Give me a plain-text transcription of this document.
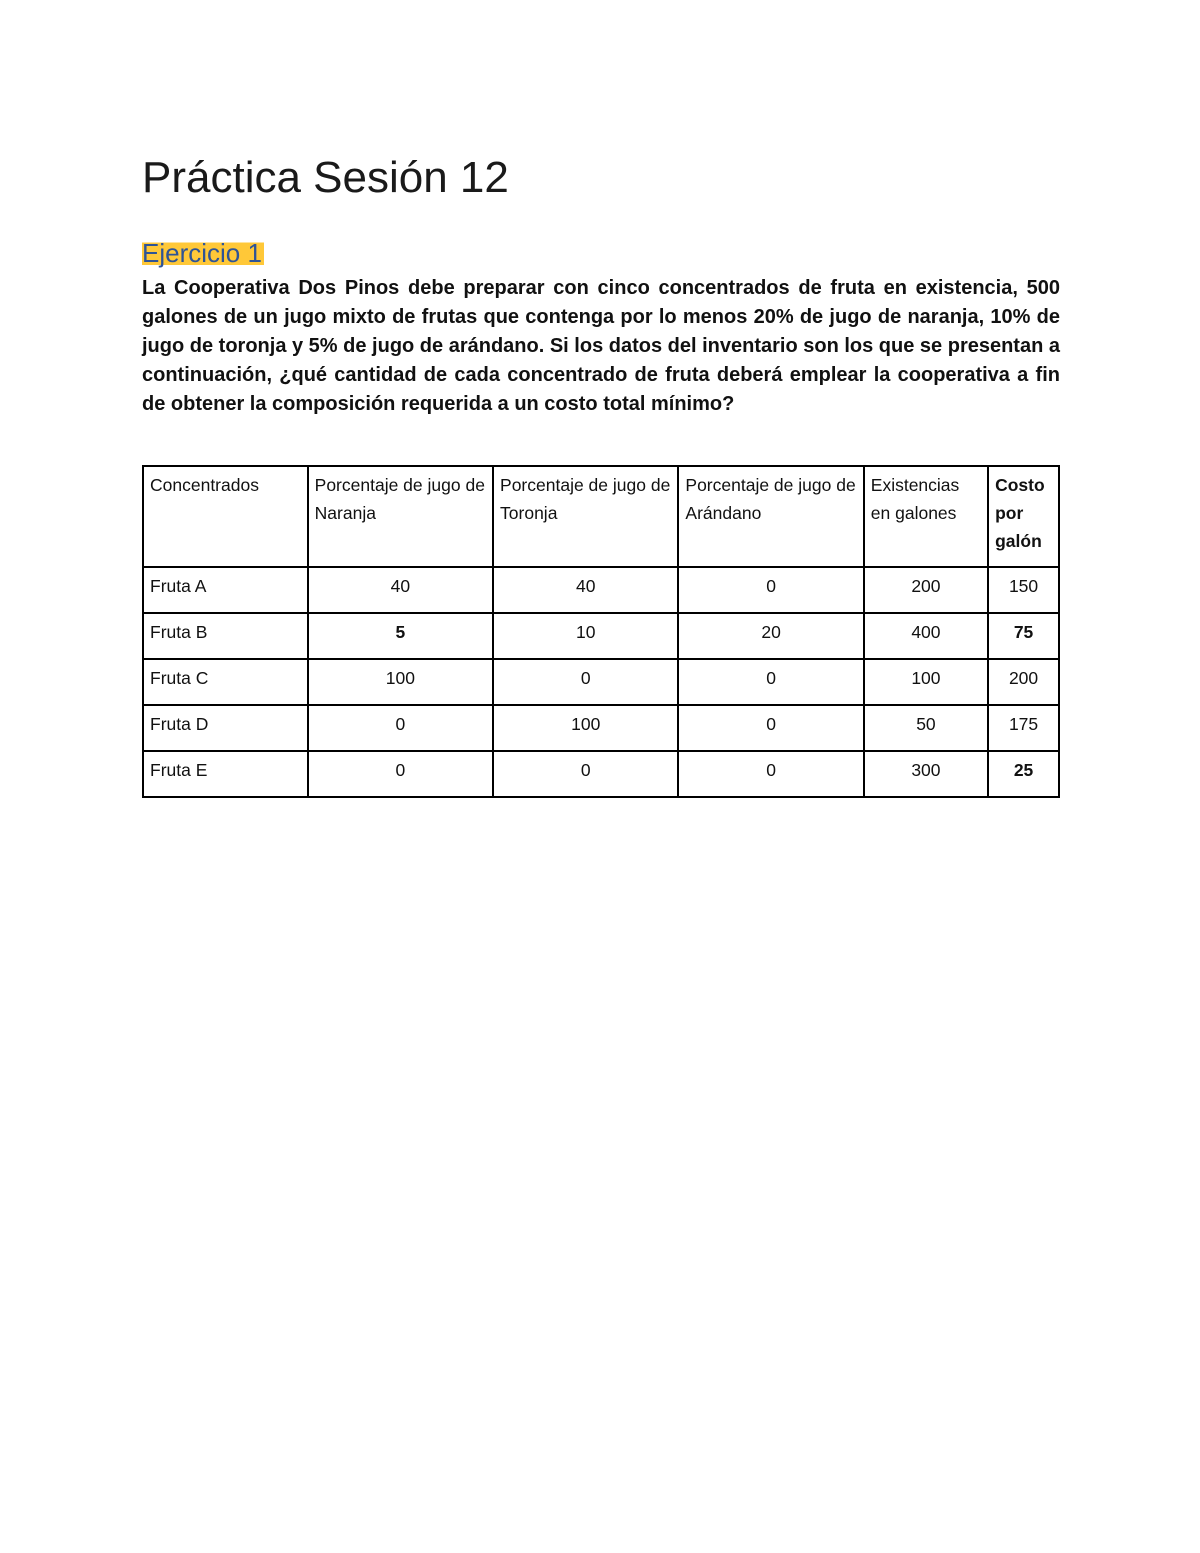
Práctica Sesión 12
Ejercicio 1

La Cooperativa Dos Pinos debe preparar con cinco concentrados de fruta en existencia, 500 galones de un jugo mixto de frutas que contenga por lo menos 20% de jugo de naranja, 10% de jugo de toronja y 5% de jugo de arándano. Si los datos del inventario son los que se presentan a continuación, ¿qué cantidad de cada concentrado de fruta deberá emplear la cooperativa a fin de obtener la composición requerida a un costo total mínimo?

Concentrados	Porcentaje de jugo de Naranja	Porcentaje de jugo de Toronja	Porcentaje de jugo de Arándano	Existencias en galones	Costo por galón
Fruta A	40	40	0	200	150
Fruta B	5	10	20	400	75
Fruta C	100	0	0	100	200
Fruta D	0	100	0	50	175
Fruta E	0	0	0	300	25
